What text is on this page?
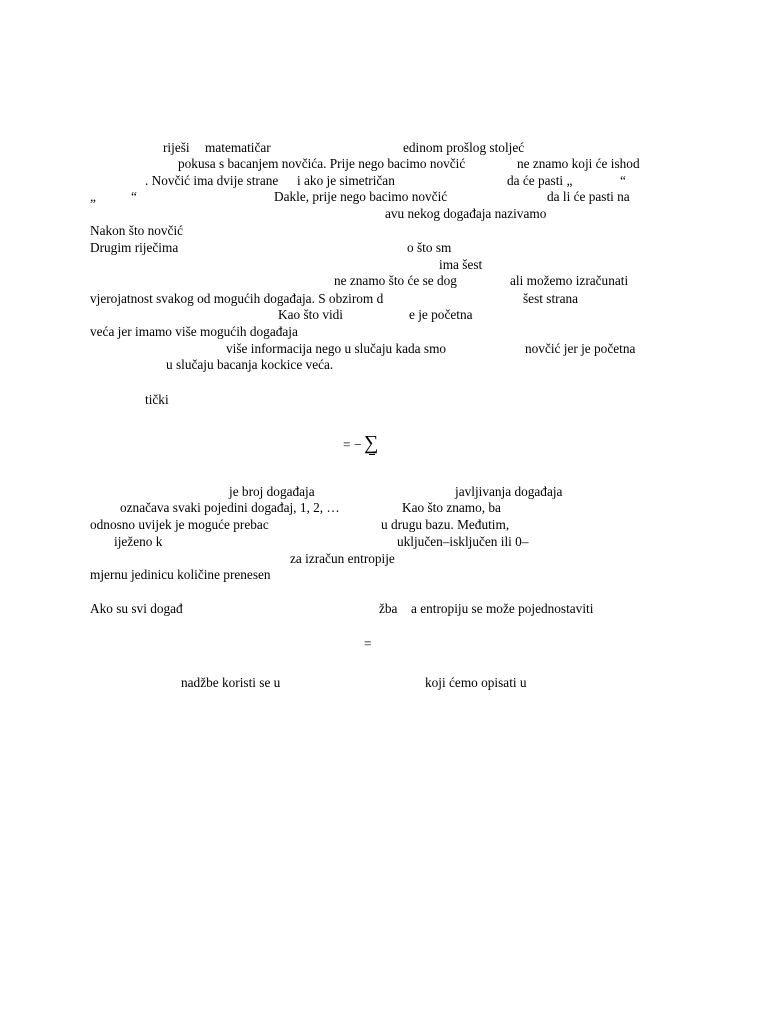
riješi matematičar	edinom prošlog stoljeć
pokusa s bacanjem novčića. Prije nego bacimo novčić	ne znamo koji će ishod
. Novčić ima dvije strane i ako je simetričan	da će pasti „	“
„	“	Dakle, prije nego bacimo novčić	da li će pasti na
avu nekog događaja nazivamo
Nakon što novčić
Drugim riječima	o što sm
ima šest
ne znamo što će se dog	ali možemo izračunati
vjerojatnost svakog od mogućih događaja. S obzirom d	šest strana
Kao što vidi	e je početna
veća jer imamo više mogućih događaja
više informacija nego u slučaju kada smo	novčić jer je početna
u slučaju bacanja kockice veća.
tički
= − ∑
je broj događaja	javljivanja događaja
označava svaki pojedini događaj, 1, 2, …	Kao što znamo, ba
odnosno uvijek je moguće prebac	u drugu bazu. Međutim,
iježeno k	uključen–isključen ili 0–
za izračun entropije
mjernu jedinicu količine prenesen
Ako su svi događ	žba a entropiju se može pojednostaviti
=
nadžbe koristi se u	koji ćemo opisati u
